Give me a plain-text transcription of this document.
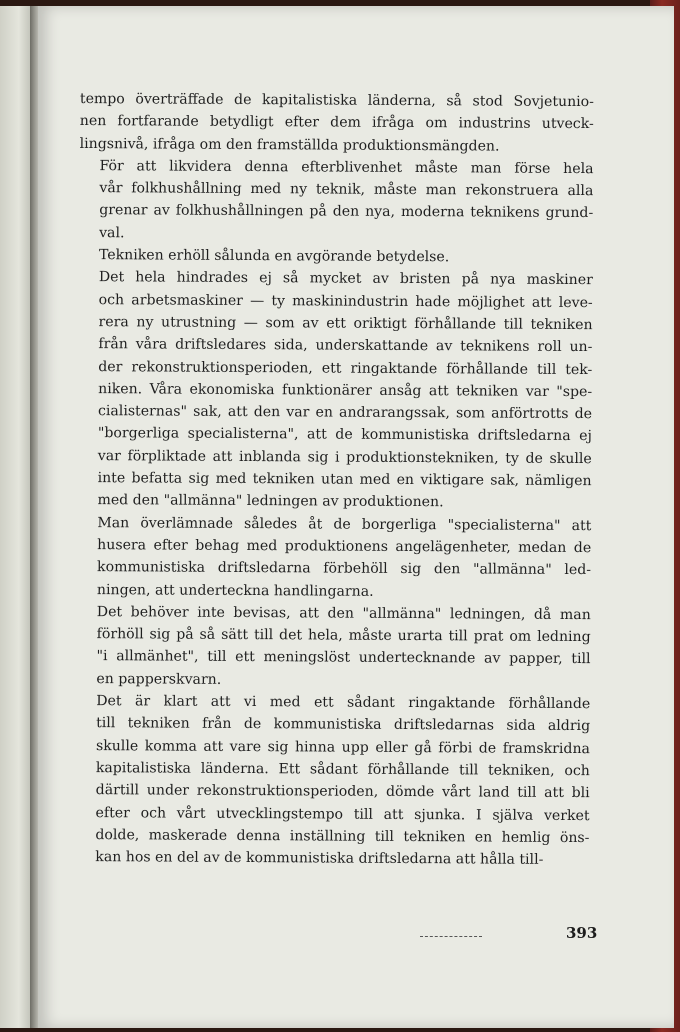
tempo överträffade de kapitalistiska länderna, så stod Sovjetunio-
nen fortfarande betydligt efter dem ifråga om industrins utveck-
lingsnivå, ifråga om den framställda produktionsmängden.

För att likvidera denna efterblivenhet måste man förse hela
vår folkhushållning med ny teknik, måste man rekonstruera alla
grenar av folkhushållningen på den nya, moderna teknikens grund-
val.

Tekniken erhöll sålunda en avgörande betydelse.

Det hela hindrades ej så mycket av bristen på nya maskiner
och arbetsmaskiner — ty maskinindustrin hade möjlighet att leve-
rera ny utrustning — som av ett oriktigt förhållande till tekniken
från våra driftsledares sida, underskattande av teknikens roll un-
der rekonstruktionsperioden, ett ringaktande förhållande till tek-
niken. Våra ekonomiska funktionärer ansåg att tekniken var "spe-
cialisternas" sak, att den var en andrarangssak, som anförtrotts de
"borgerliga specialisterna", att de kommunistiska driftsledarna ej
var förpliktade att inblanda sig i produktionstekniken, ty de skulle
inte befatta sig med tekniken utan med en viktigare sak, nämligen
med den "allmänna" ledningen av produktionen.

Man överlämnade således åt de borgerliga "specialisterna" att
husera efter behag med produktionens angelägenheter, medan de
kommunistiska driftsledarna förbehöll sig den "allmänna" led-
ningen, att underteckna handlingarna.

Det behöver inte bevisas, att den "allmänna" ledningen, då man
förhöll sig på så sätt till det hela, måste urarta till prat om ledning
"i allmänhet", till ett meningslöst undertecknande av papper, till
en papperskvarn.

Det är klart att vi med ett sådant ringaktande förhållande
till tekniken från de kommunistiska driftsledarnas sida aldrig
skulle komma att vare sig hinna upp eller gå förbi de framskridna
kapitalistiska länderna. Ett sådant förhållande till tekniken, och
därtill under rekonstruktionsperioden, dömde vårt land till att bli
efter och vårt utvecklingstempo till att sjunka. I själva verket
dolde, maskerade denna inställning till tekniken en hemlig öns-
kan hos en del av de kommunistiska driftsledarna att hålla till-

393
